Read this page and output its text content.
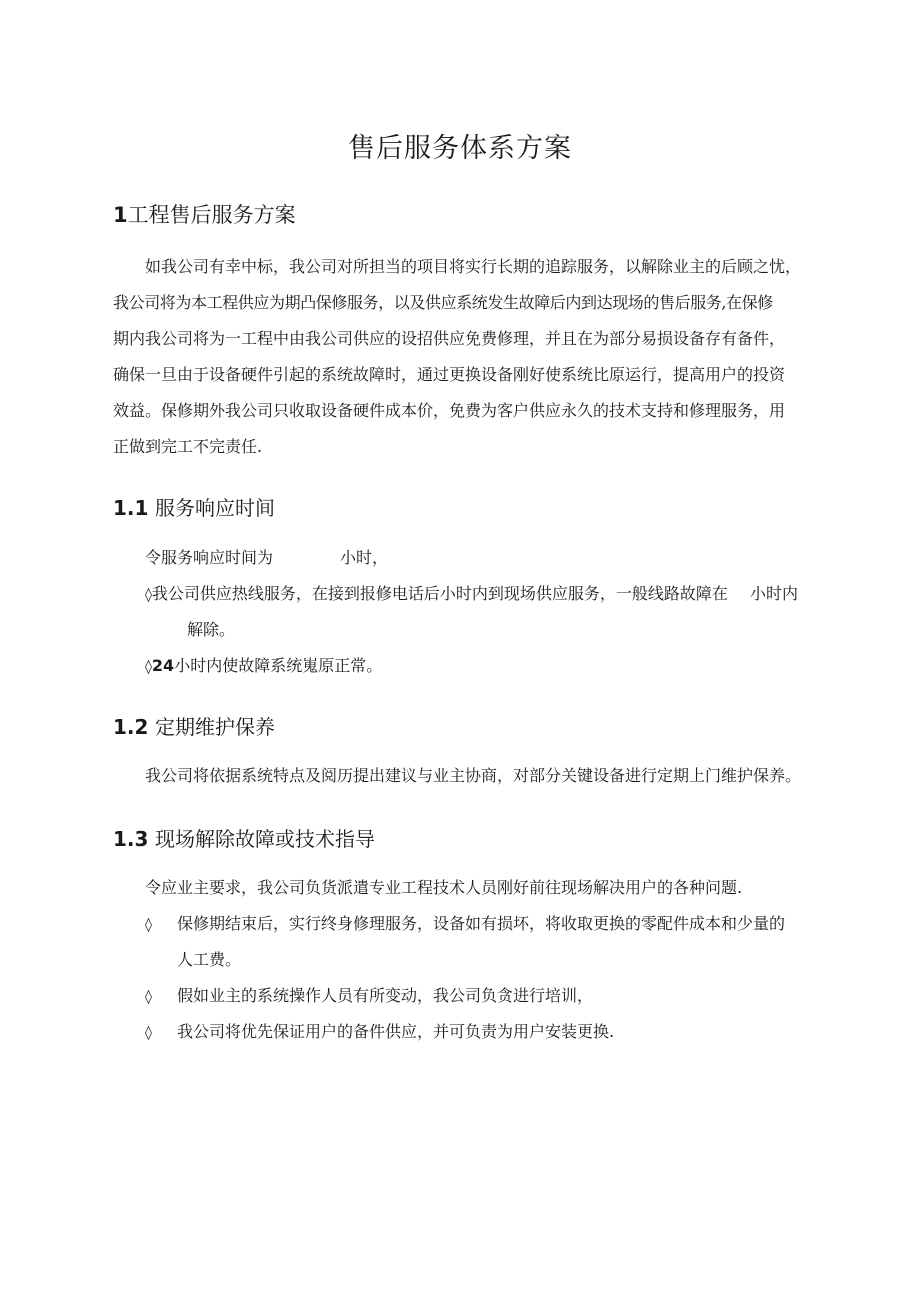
售后服务体系方案
1工程售后服务方案
如我公司有幸中标，我公司对所担当的项目将实行长期的追踪服务，以解除业主的后顾之忧，
我公司将为本工程供应为期凸保修服务，以及供应系统发生故障后内到达现场的售后服务,在保修
期内我公司将为一工程中由我公司供应的设招供应免费修理，并且在为部分易损设备存有备件，
确保一旦由于设备硬件引起的系统故障时，通过更换设备刚好使系统比原运行，提高用户的投资
效益。保修期外我公司只收取设备硬件成本价，免费为客户供应永久的技术支持和修理服务，用
正做到完工不完责任.
1.1 服务响应时间
令服务响应时间为	小时，
◊我公司供应热线服务，在接到报修电话后小时内到现场供应服务，一般线路故障在 小时内
解除。
◊24小时内使故障系统嵬原正常。
1.2 定期维护保养
我公司将依据系统特点及阅历提出建议与业主协商，对部分关键设备进行定期上门维护保养。
1.3 现场解除故障或技术指导
令应业主要求，我公司负货派遣专业工程技术人员刚好前往现场解决用户的各种问题.
◊ 保修期结束后，实行终身修理服务，设备如有损坏，将收取更换的零配件成本和少量的
人工费。
◊ 假如业主的系统操作人员有所变动，我公司负贪进行培训，
◊ 我公司将优先保证用户的备件供应，并可负责为用户安装更换.
